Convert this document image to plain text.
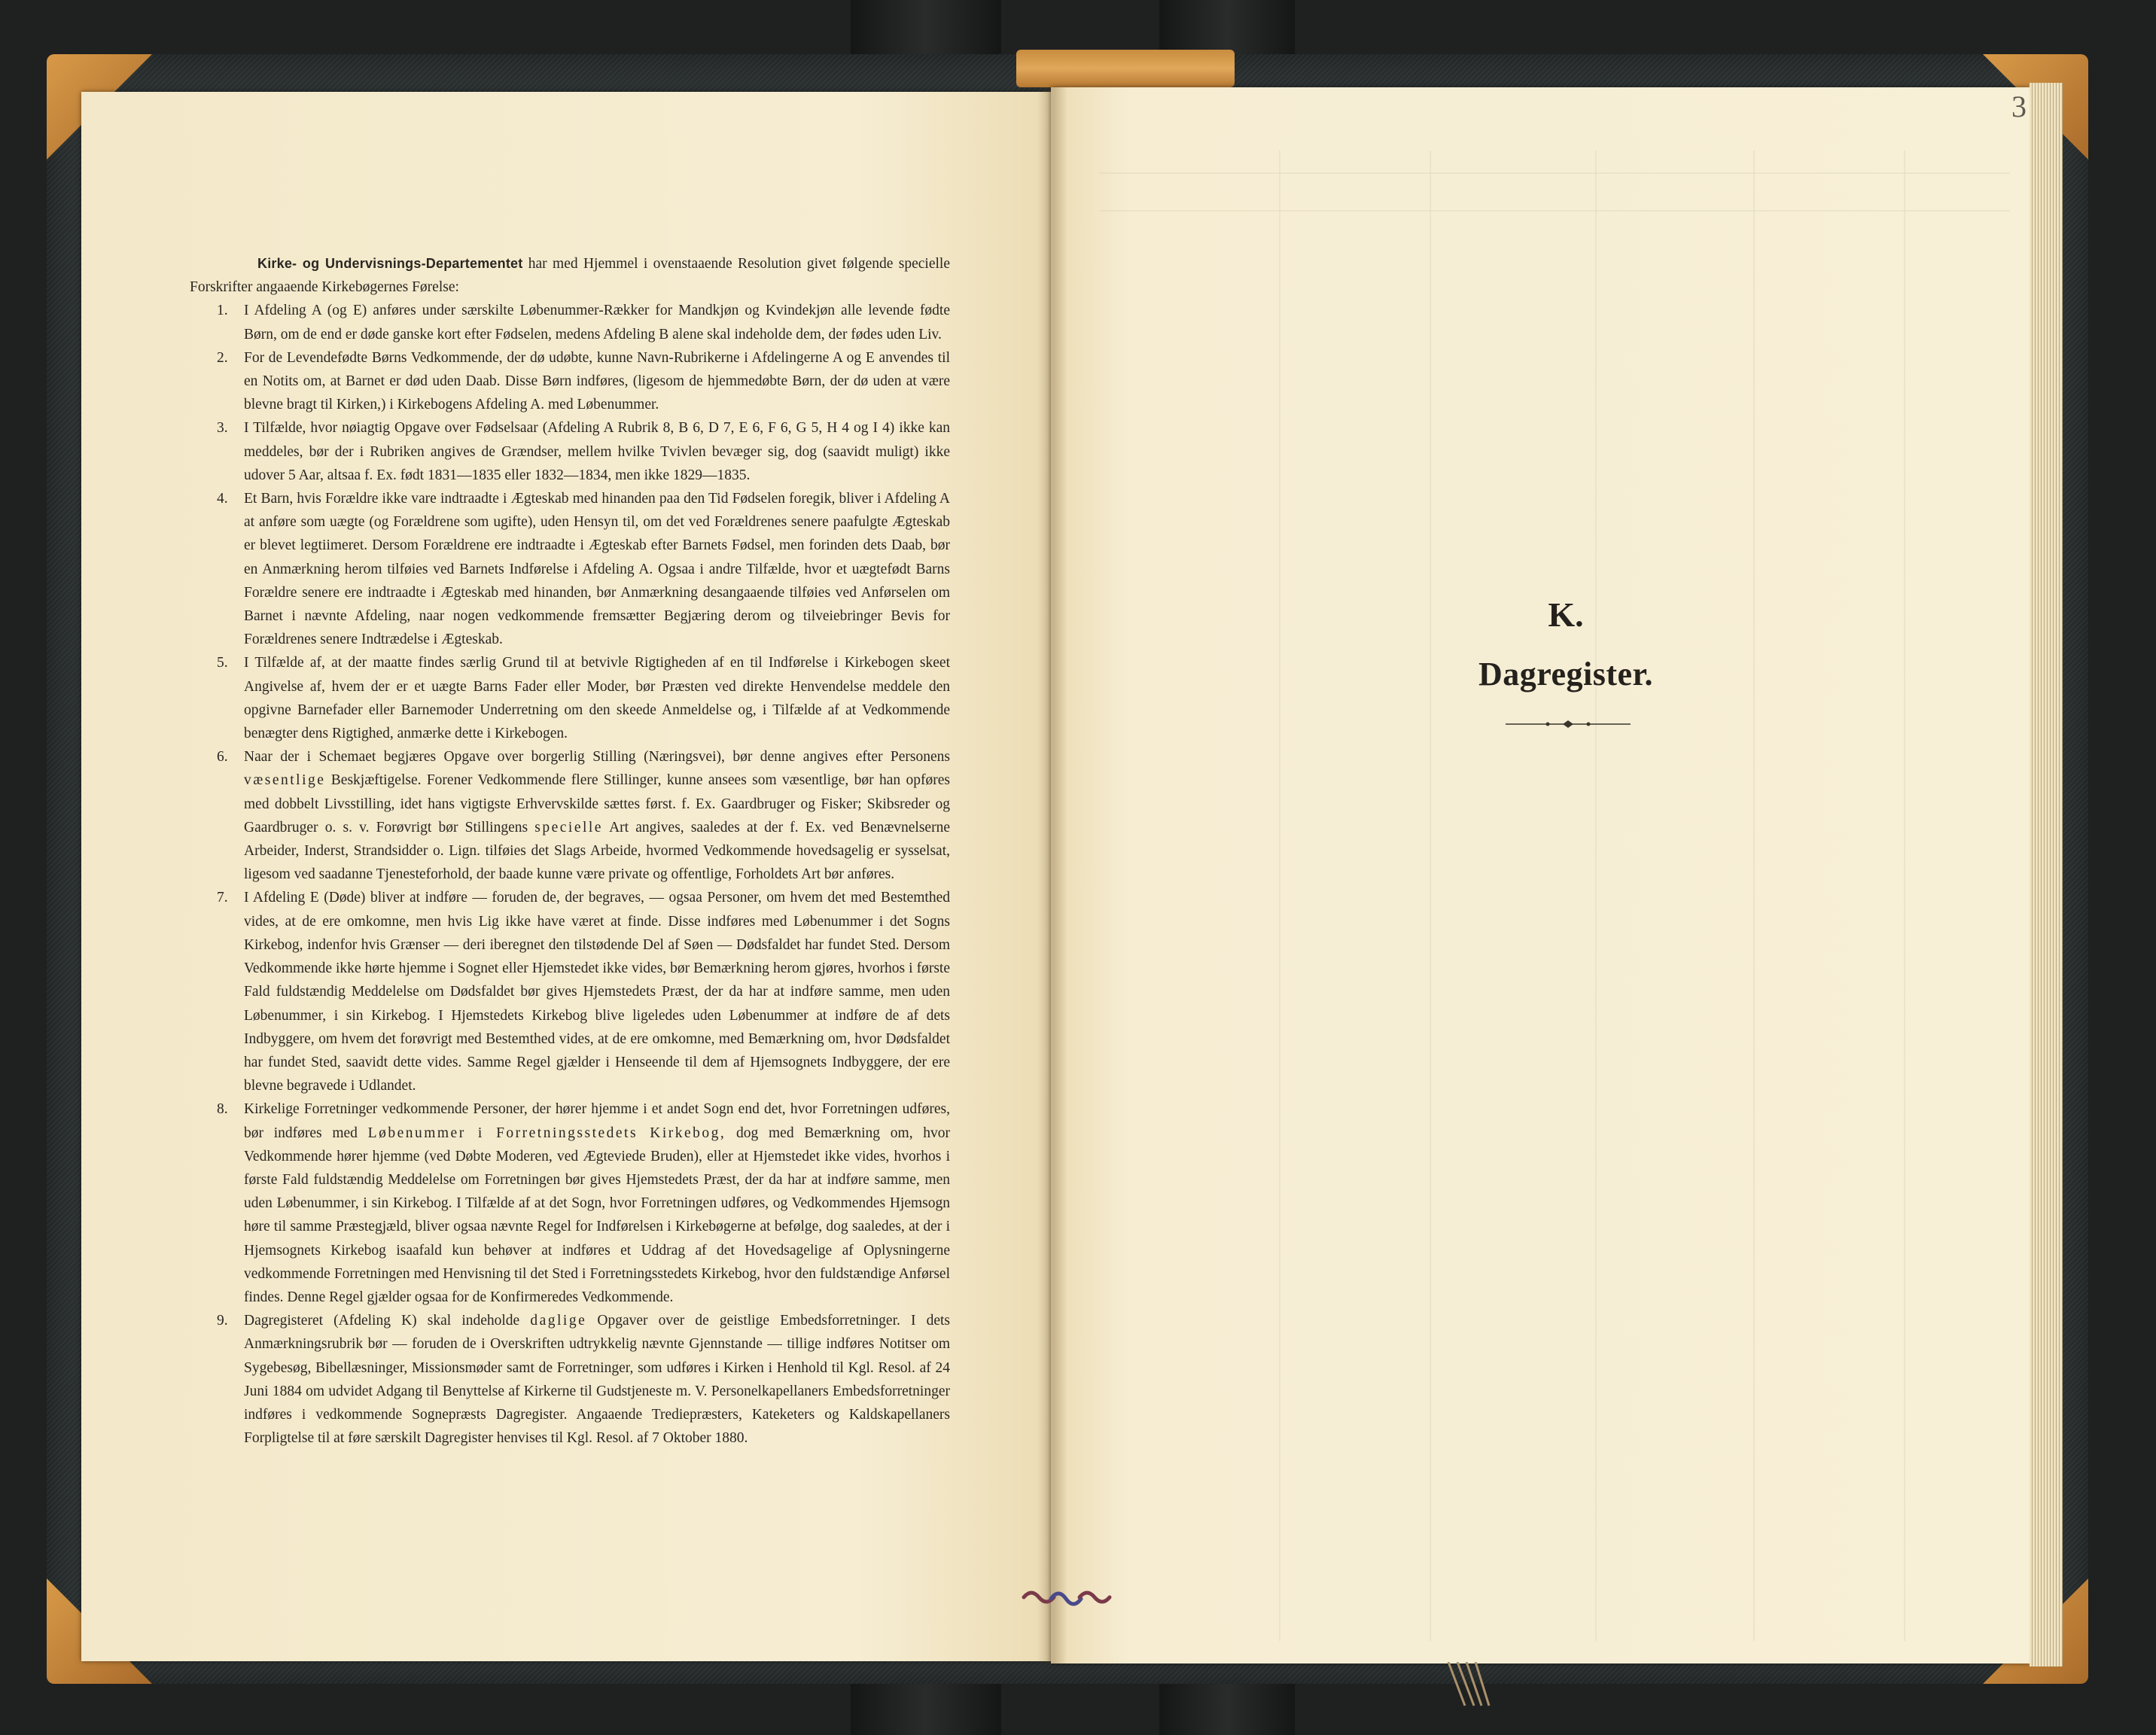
Kirke- og Undervisnings-Departementet har med Hjemmel i ovenstaaende Resolution givet følgende specielle Forskrifter angaaende Kirkebøgernes Førelse:

1. I Afdeling A (og E) anføres under særskilte Løbenummer-Rækker for Mandkjøn og Kvindekjøn alle levende fødte Børn, om de end er døde ganske kort efter Fødselen, medens Afdeling B alene skal indeholde dem, der fødes uden Liv.

2. For de Levendefødte Børns Vedkommende, der dø udøbte, kunne Navn-Rubrikerne i Afdelingerne A og E anvendes til en Notits om, at Barnet er død uden Daab. Disse Børn indføres, (ligesom de hjemmedøbte Børn, der dø uden at være blevne bragt til Kirken,) i Kirkebogens Afdeling A. med Løbenummer.

3. I Tilfælde, hvor nøiagtig Opgave over Fødselsaar (Afdeling A Rubrik 8, B 6, D 7, E 6, F 6, G 5, H 4 og I 4) ikke kan meddeles, bør der i Rubriken angives de Grændser, mellem hvilke Tvivlen bevæger sig, dog (saavidt muligt) ikke udover 5 Aar, altsaa f. Ex. født 1831—1835 eller 1832—1834, men ikke 1829—1835.

4. Et Barn, hvis Forældre ikke vare indtraadte i Ægteskab med hinanden paa den Tid Fødselen foregik, bliver i Afdeling A at anføre som uægte (og Forældrene som ugifte), uden Hensyn til, om det ved Forældrenes senere paafulgte Ægteskab er blevet legtiimeret. Dersom Forældrene ere indtraadte i Ægteskab efter Barnets Fødsel, men forinden dets Daab, bør en Anmærkning herom tilføies ved Barnets Indførelse i Afdeling A. Ogsaa i andre Tilfælde, hvor et uægtefødt Barns Forældre senere ere indtraadte i Ægteskab med hinanden, bør Anmærkning desangaaende tilføies ved Anførselen om Barnet i nævnte Afdeling, naar nogen vedkommende fremsætter Begjæring derom og tilveiebringer Bevis for Forældrenes senere Indtrædelse i Ægteskab.

5. I Tilfælde af, at der maatte findes særlig Grund til at betvivle Rigtigheden af en til Indførelse i Kirkebogen skeet Angivelse af, hvem der er et uægte Barns Fader eller Moder, bør Præsten ved direkte Henvendelse meddele den opgivne Barnefader eller Barnemoder Underretning om den skeede Anmeldelse og, i Tilfælde af at Vedkommende benægter dens Rigtighed, anmærke dette i Kirkebogen.

6. Naar der i Schemaet begjæres Opgave over borgerlig Stilling (Næringsvei), bør denne angives efter Personens væsentlige Beskjæftigelse. Forener Vedkommende flere Stillinger, kunne ansees som væsentlige, bør han opføres med dobbelt Livsstilling, idet hans vigtigste Erhvervskilde sættes først. f. Ex. Gaardbruger og Fisker; Skibsreder og Gaardbruger o. s. v. Forøvrigt bør Stillingens specielle Art angives, saaledes at der f. Ex. ved Benævnelserne Arbeider, Inderst, Strandsidder o. Lign. tilføies det Slags Arbeide, hvormed Vedkommende hovedsagelig er sysselsat, ligesom ved saadanne Tjenesteforhold, der baade kunne være private og offentlige, Forholdets Art bør anføres.

7. I Afdeling E (Døde) bliver at indføre — foruden de, der begraves, — ogsaa Personer, om hvem det med Bestemthed vides, at de ere omkomne, men hvis Lig ikke have været at finde. Disse indføres med Løbenummer i det Sogns Kirkebog, indenfor hvis Grænser — deri iberegnet den tilstødende Del af Søen — Dødsfaldet har fundet Sted. Dersom Vedkommende ikke hørte hjemme i Sognet eller Hjemstedet ikke vides, bør Bemærkning herom gjøres, hvorhos i første Fald fuldstændig Meddelelse om Dødsfaldet bør gives Hjemstedets Præst, der da har at indføre samme, men uden Løbenummer, i sin Kirkebog. I Hjemstedets Kirkebog blive ligeledes uden Løbenummer at indføre de af dets Indbyggere, om hvem det forøvrigt med Bestemthed vides, at de ere omkomne, med Bemærkning om, hvor Dødsfaldet har fundet Sted, saavidt dette vides. Samme Regel gjælder i Henseende til dem af Hjemsognets Indbyggere, der ere blevne begravede i Udlandet.

8. Kirkelige Forretninger vedkommende Personer, der hører hjemme i et andet Sogn end det, hvor Forretningen udføres, bør indføres med Løbenummer i Forretningsstedets Kirkebog, dog med Bemærkning om, hvor Vedkommende hører hjemme (ved Døbte Moderen, ved Ægteviede Bruden), eller at Hjemstedet ikke vides, hvorhos i første Fald fuldstændig Meddelelse om Forretningen bør gives Hjemstedets Præst, der da har at indføre samme, men uden Løbenummer, i sin Kirkebog. I Tilfælde af at det Sogn, hvor Forretningen udføres, og Vedkommendes Hjemsogn høre til samme Præstegjæld, bliver ogsaa nævnte Regel for Indførelsen i Kirkebøgerne at befølge, dog saaledes, at der i Hjemsognets Kirkebog isaafald kun behøver at indføres et Uddrag af det Hovedsagelige af Oplysningerne vedkommende Forretningen med Henvisning til det Sted i Forretningsstedets Kirkebog, hvor den fuldstændige Anførsel findes. Denne Regel gjælder ogsaa for de Konfirmeredes Vedkommende.

9. Dagregisteret (Afdeling K) skal indeholde daglige Opgaver over de geistlige Embedsforretninger. I dets Anmærkningsrubrik bør — foruden de i Overskriften udtrykkelig nævnte Gjennstande — tillige indføres Notitser om Sygebesøg, Bibellæsninger, Missionsmøder samt de Forretninger, som udføres i Kirken i Henhold til Kgl. Resol. af 24 Juni 1884 om udvidet Adgang til Benyttelse af Kirkerne til Gudstjeneste m. V. Personelkapellaners Embedsforretninger indføres i vedkommende Sognepræsts Dagregister. Angaaende Trediepræsters, Kateketers og Kaldskapellaners Forpligtelse til at føre særskilt Dagregister henvises til Kgl. Resol. af 7 Oktober 1880.

3
K.
Dagregister.
